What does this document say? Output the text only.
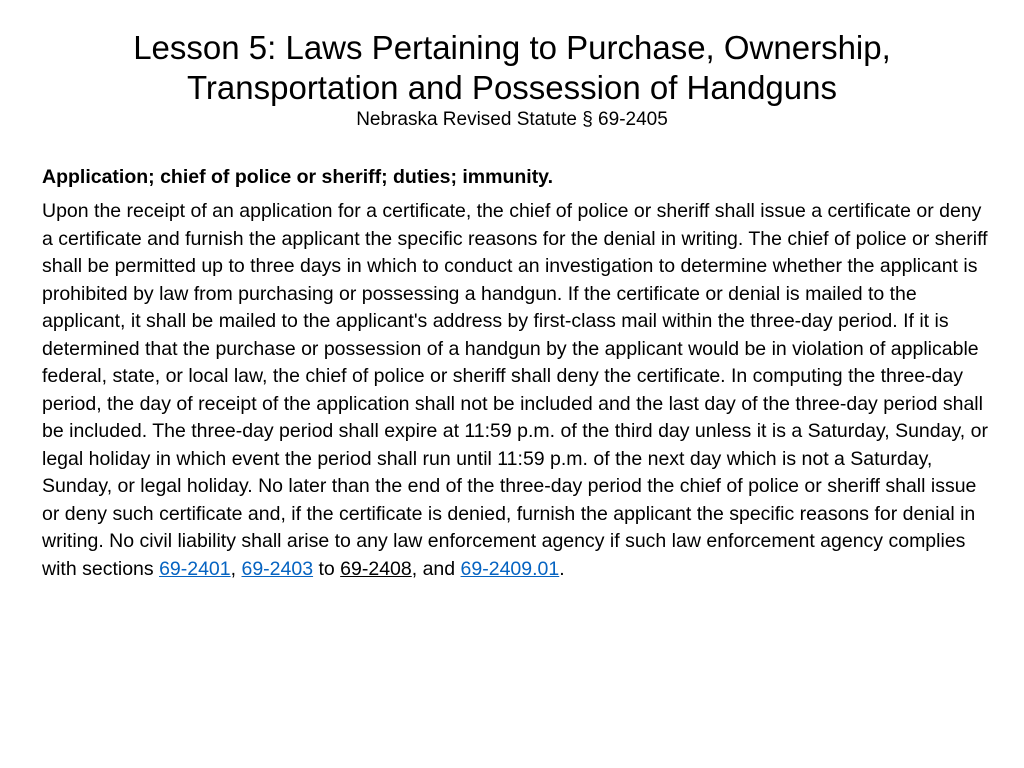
Lesson 5: Laws Pertaining to Purchase, Ownership,
Transportation and Possession of Handguns
Nebraska Revised Statute § 69-2405

Application; chief of police or sheriff; duties; immunity.

Upon the receipt of an application for a certificate, the chief of police or sheriff shall issue a certificate or deny a certificate and furnish the applicant the specific reasons for the denial in writing. The chief of police or sheriff shall be permitted up to three days in which to conduct an investigation to determine whether the applicant is prohibited by law from purchasing or possessing a handgun. If the certificate or denial is mailed to the applicant, it shall be mailed to the applicant's address by first-class mail within the three-day period. If it is determined that the purchase or possession of a handgun by the applicant would be in violation of applicable federal, state, or local law, the chief of police or sheriff shall deny the certificate. In computing the three-day period, the day of receipt of the application shall not be included and the last day of the three-day period shall be included. The three-day period shall expire at 11:59 p.m. of the third day unless it is a Saturday, Sunday, or legal holiday in which event the period shall run until 11:59 p.m. of the next day which is not a Saturday, Sunday, or legal holiday. No later than the end of the three-day period the chief of police or sheriff shall issue or deny such certificate and, if the certificate is denied, furnish the applicant the specific reasons for denial in writing. No civil liability shall arise to any law enforcement agency if such law enforcement agency complies with sections 69-2401, 69-2403 to 69-2408, and 69-2409.01.
